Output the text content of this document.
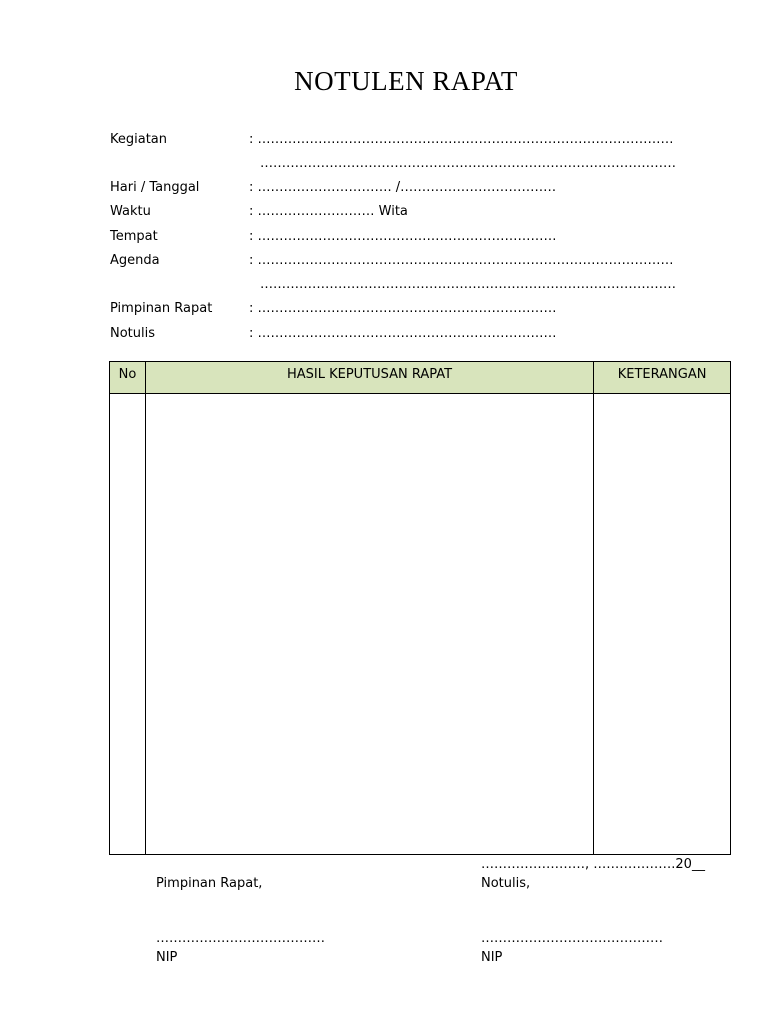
NOTULEN RAPAT
Kegiatan	: ……………………………………………………………………………………
……………………………………………………………………………………
Hari / Tanggal	: …………………………. /………………………………
Waktu	: ……………………… Wita
Tempat	: ……………………………………………………………
Agenda	: ……………………………………………………………………………………
……………………………………………………………………………………
Pimpinan Rapat	: ……………………………………………………………
Notulis	: ……………………………………………………………
No	HASIL KEPUTUSAN RAPAT	KETERANGAN

……………………, ……………….20__
Pimpinan Rapat,	Notulis,
…………………………………	……………………………………
NIP	NIP
